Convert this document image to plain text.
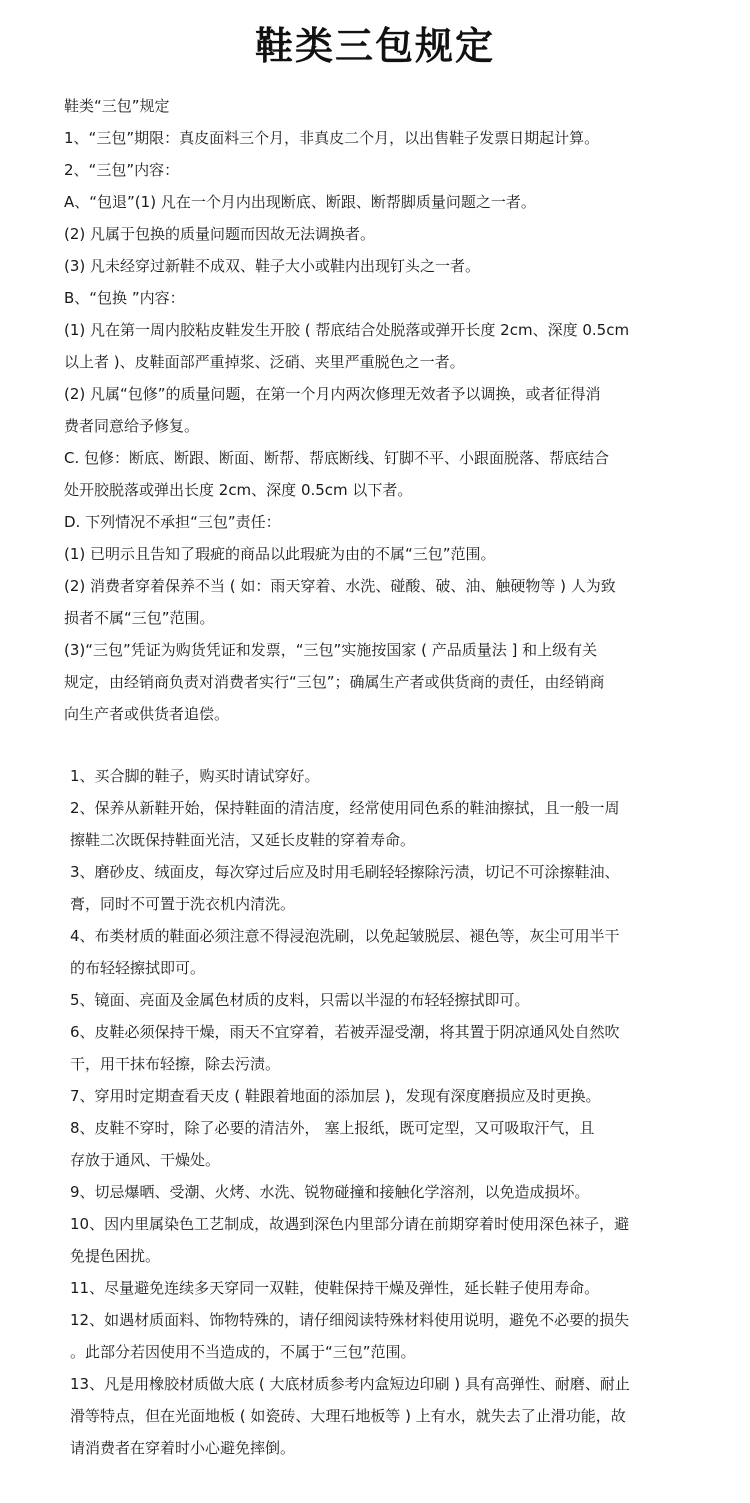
鞋类三包规定

鞋类“三包”规定

1、“三包”期限：真皮面料三个月，非真皮二个月，以出售鞋子发票日期起计算。

2、“三包”内容：

A、“包退”(1) 凡在一个月内出现断底、断跟、断帮脚质量问题之一者。

(2) 凡属于包换的质量问题而因故无法调换者。

(3) 凡未经穿过新鞋不成双、鞋子大小或鞋内出现钉头之一者。

B、“包换 ”内容：

(1) 凡在第一周内胶粘皮鞋发生开胶 ( 帮底结合处脱落或弹开长度 2cm、深度 0.5cm

以上者 )、皮鞋面部严重掉浆、泛硝、夹里严重脱色之一者。

(2) 凡属“包修”的质量问题，在第一个月内两次修理无效者予以调换，或者征得消

费者同意给予修复。

C. 包修：断底、断跟、断面、断帮、帮底断线、钉脚不平、小跟面脱落、帮底结合

处开胶脱落或弹出长度 2cm、深度 0.5cm 以下者。

D. 下列情况不承担“三包”责任：

(1) 已明示且告知了瑕疵的商品以此瑕疵为由的不属“三包”范围。

(2) 消费者穿着保养不当 ( 如：雨天穿着、水洗、碰酸、破、油、触硬物等 ) 人为致

损者不属“三包”范围。

(3)“三包”凭证为购货凭证和发票，“三包”实施按国家 ( 产品质量法 ] 和上级有关

规定，由经销商负责对消费者实行“三包”；确属生产者或供货商的责任，由经销商

向生产者或供货者追偿。

1、买合脚的鞋子，购买时请试穿好。

2、保养从新鞋开始，保持鞋面的清洁度，经常使用同色系的鞋油擦拭，且一般一周

擦鞋二次既保持鞋面光洁，又延长皮鞋的穿着寿命。

3、磨砂皮、绒面皮，每次穿过后应及时用毛刷轻轻擦除污渍，切记不可涂擦鞋油、

膏，同时不可置于洗衣机内清洗。

4、布类材质的鞋面必须注意不得浸泡洗刷，以免起皱脱层、褪色等，灰尘可用半干

的布轻轻擦拭即可。

5、镜面、亮面及金属色材质的皮料，只需以半湿的布轻轻擦拭即可。

6、皮鞋必须保持干燥，雨天不宜穿着，若被弄湿受潮，将其置于阴凉通风处自然吹

干，用干抹布轻擦，除去污渍。

7、穿用时定期查看天皮 ( 鞋跟着地面的添加层 )，发现有深度磨损应及时更换。

8、皮鞋不穿时，除了必要的清洁外， 塞上报纸，既可定型，又可吸取汗气，且

存放于通风、干燥处。

9、切忌爆晒、受潮、火烤、水洗、锐物碰撞和接触化学溶剂，以免造成损坏。

10、因内里属染色工艺制成，故遇到深色内里部分请在前期穿着时使用深色袜子，避

免提色困扰。

11、尽量避免连续多天穿同一双鞋，使鞋保持干燥及弹性，延长鞋子使用寿命。

12、如遇材质面料、饰物特殊的，请仔细阅读特殊材料使用说明，避免不必要的损失

。此部分若因使用不当造成的，不属于“三包”范围。

13、凡是用橡胶材质做大底 ( 大底材质参考内盒短边印刷 ) 具有高弹性、耐磨、耐止

滑等特点，但在光面地板 ( 如瓷砖、大理石地板等 ) 上有水，就失去了止滑功能，故

请消费者在穿着时小心避免摔倒。
